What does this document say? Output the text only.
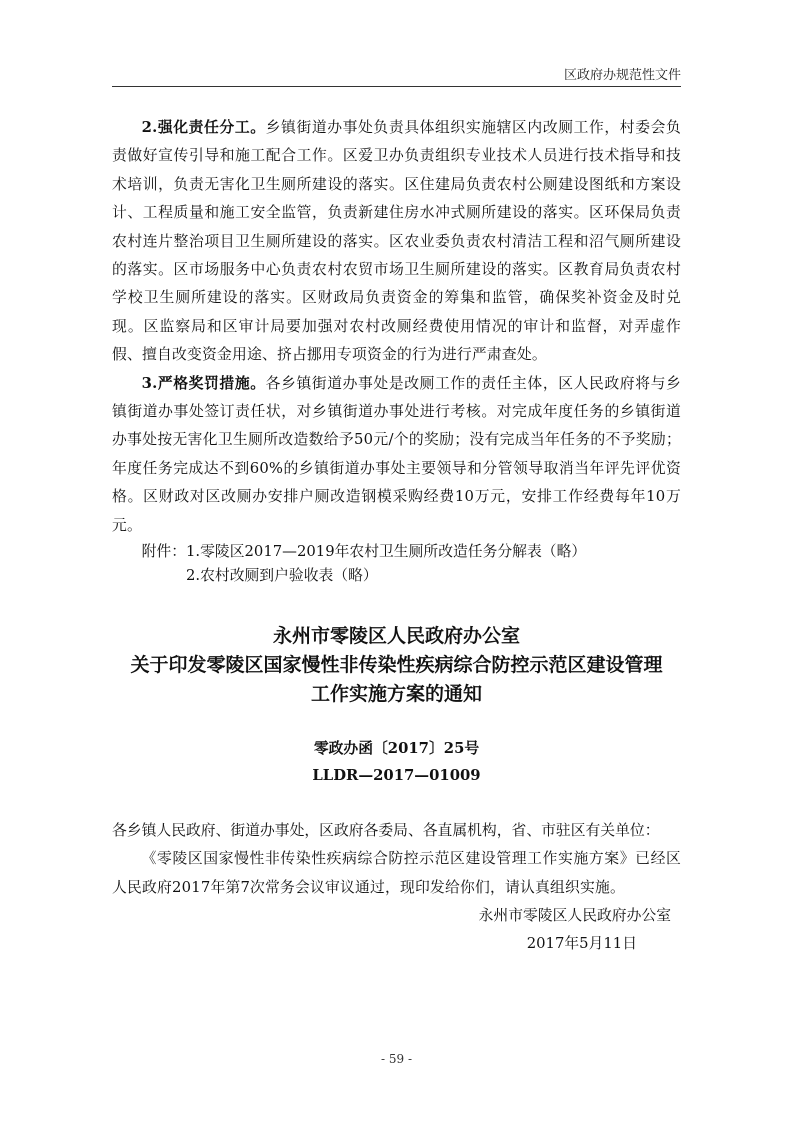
区政府办规范性文件

2.强化责任分工。乡镇街道办事处负责具体组织实施辖区内改厕工作，村委会负责做好宣传引导和施工配合工作。区爱卫办负责组织专业技术人员进行技术指导和技术培训，负责无害化卫生厕所建设的落实。区住建局负责农村公厕建设图纸和方案设计、工程质量和施工安全监管，负责新建住房水冲式厕所建设的落实。区环保局负责农村连片整治项目卫生厕所建设的落实。区农业委负责农村清洁工程和沼气厕所建设的落实。区市场服务中心负责农村农贸市场卫生厕所建设的落实。区教育局负责农村学校卫生厕所建设的落实。区财政局负责资金的筹集和监管，确保奖补资金及时兑现。区监察局和区审计局要加强对农村改厕经费使用情况的审计和监督，对弄虚作假、擅自改变资金用途、挤占挪用专项资金的行为进行严肃查处。

3.严格奖罚措施。各乡镇街道办事处是改厕工作的责任主体，区人民政府将与乡镇街道办事处签订责任状，对乡镇街道办事处进行考核。对完成年度任务的乡镇街道办事处按无害化卫生厕所改造数给予50元/个的奖励；没有完成当年任务的不予奖励；年度任务完成达不到60%的乡镇街道办事处主要领导和分管领导取消当年评先评优资格。区财政对区改厕办安排户厕改造钢模采购经费10万元，安排工作经费每年10万元。

附件：1.零陵区2017—2019年农村卫生厕所改造任务分解表（略）

2.农村改厕到户验收表（略）

永州市零陵区人民政府办公室
关于印发零陵区国家慢性非传染性疾病综合防控示范区建设管理
工作实施方案的通知
零政办函〔2017〕25号
LLDR—2017—01009

各乡镇人民政府、街道办事处，区政府各委局、各直属机构，省、市驻区有关单位：

《零陵区国家慢性非传染性疾病综合防控示范区建设管理工作实施方案》已经区人民政府2017年第7次常务会议审议通过，现印发给你们，请认真组织实施。

永州市零陵区人民政府办公室

2017年5月11日

- 59 -
